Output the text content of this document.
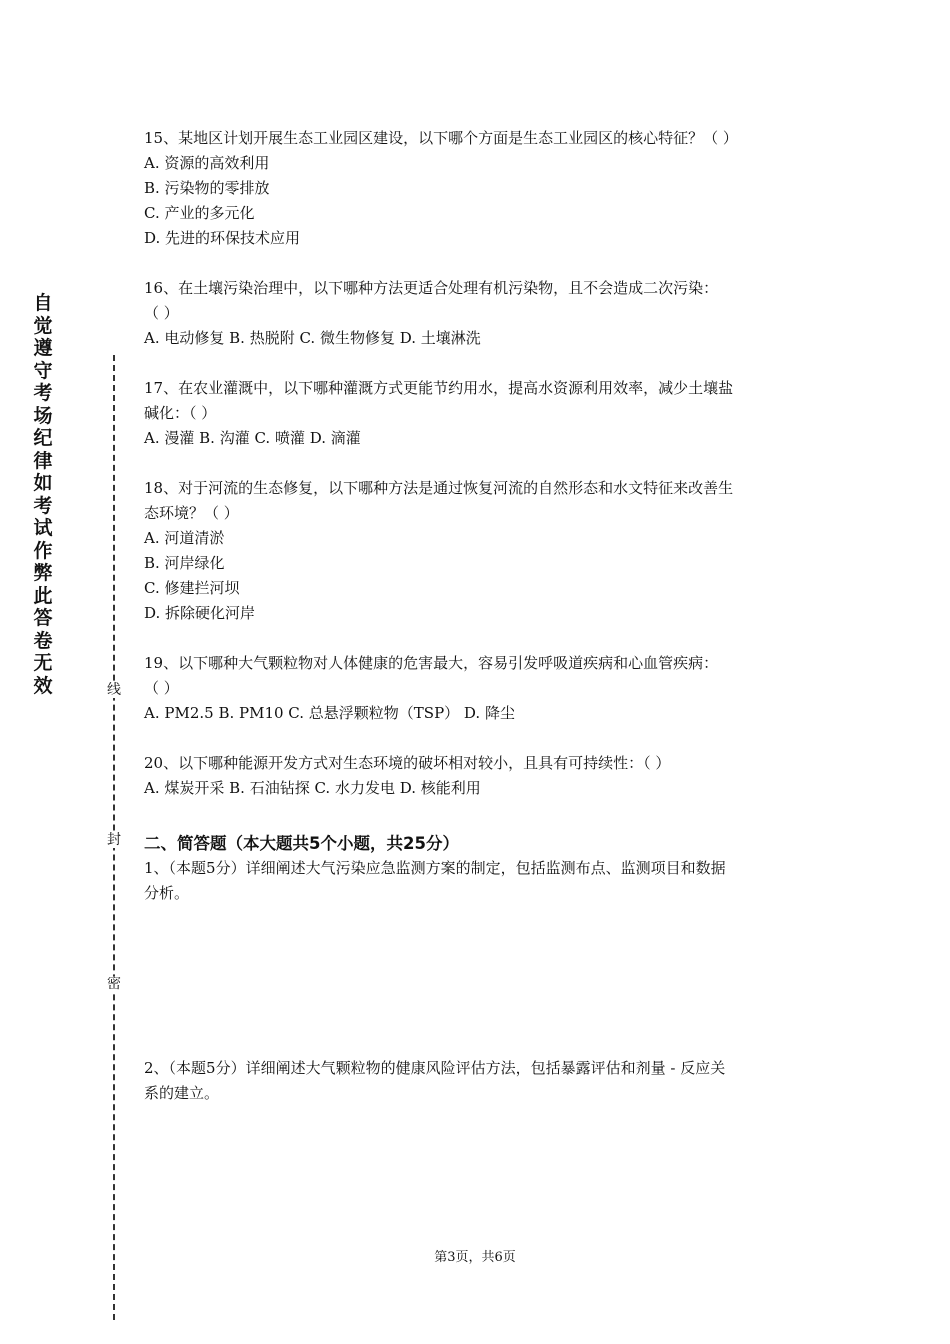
自
觉
遵
守
考
场
纪
律
如
考
试
作
弊
此
答
卷
无
效	线
封
密

15、某地区计划开展生态工业园区建设，以下哪个方面是生态工业园区的核心特征？（ ）

A. 资源的高效利用

B. 污染物的零排放

C. 产业的多元化

D. 先进的环保技术应用

16、在土壤污染治理中，以下哪种方法更适合处理有机污染物，且不会造成二次污染：

（ ）

A. 电动修复 B. 热脱附 C. 微生物修复 D. 土壤淋洗

17、在农业灌溉中，以下哪种灌溉方式更能节约用水，提高水资源利用效率，减少土壤盐

碱化：（ ）

A. 漫灌 B. 沟灌 C. 喷灌 D. 滴灌

18、对于河流的生态修复，以下哪种方法是通过恢复河流的自然形态和水文特征来改善生

态环境？（ ）

A. 河道清淤

B. 河岸绿化

C. 修建拦河坝

D. 拆除硬化河岸

19、以下哪种大气颗粒物对人体健康的危害最大，容易引发呼吸道疾病和心血管疾病：

（ ）

A. PM2.5 B. PM10 C. 总悬浮颗粒物（TSP） D. 降尘

20、以下哪种能源开发方式对生态环境的破坏相对较小，且具有可持续性：（ ）

A. 煤炭开采 B. 石油钻探 C. 水力发电 D. 核能利用

二、简答题（本大题共5个小题，共25分）

1、（本题5分）详细阐述大气污染应急监测方案的制定，包括监测布点、监测项目和数据

分析。

2、（本题5分）详细阐述大气颗粒物的健康风险评估方法，包括暴露评估和剂量 - 反应关

系的建立。

第3页，共6页
